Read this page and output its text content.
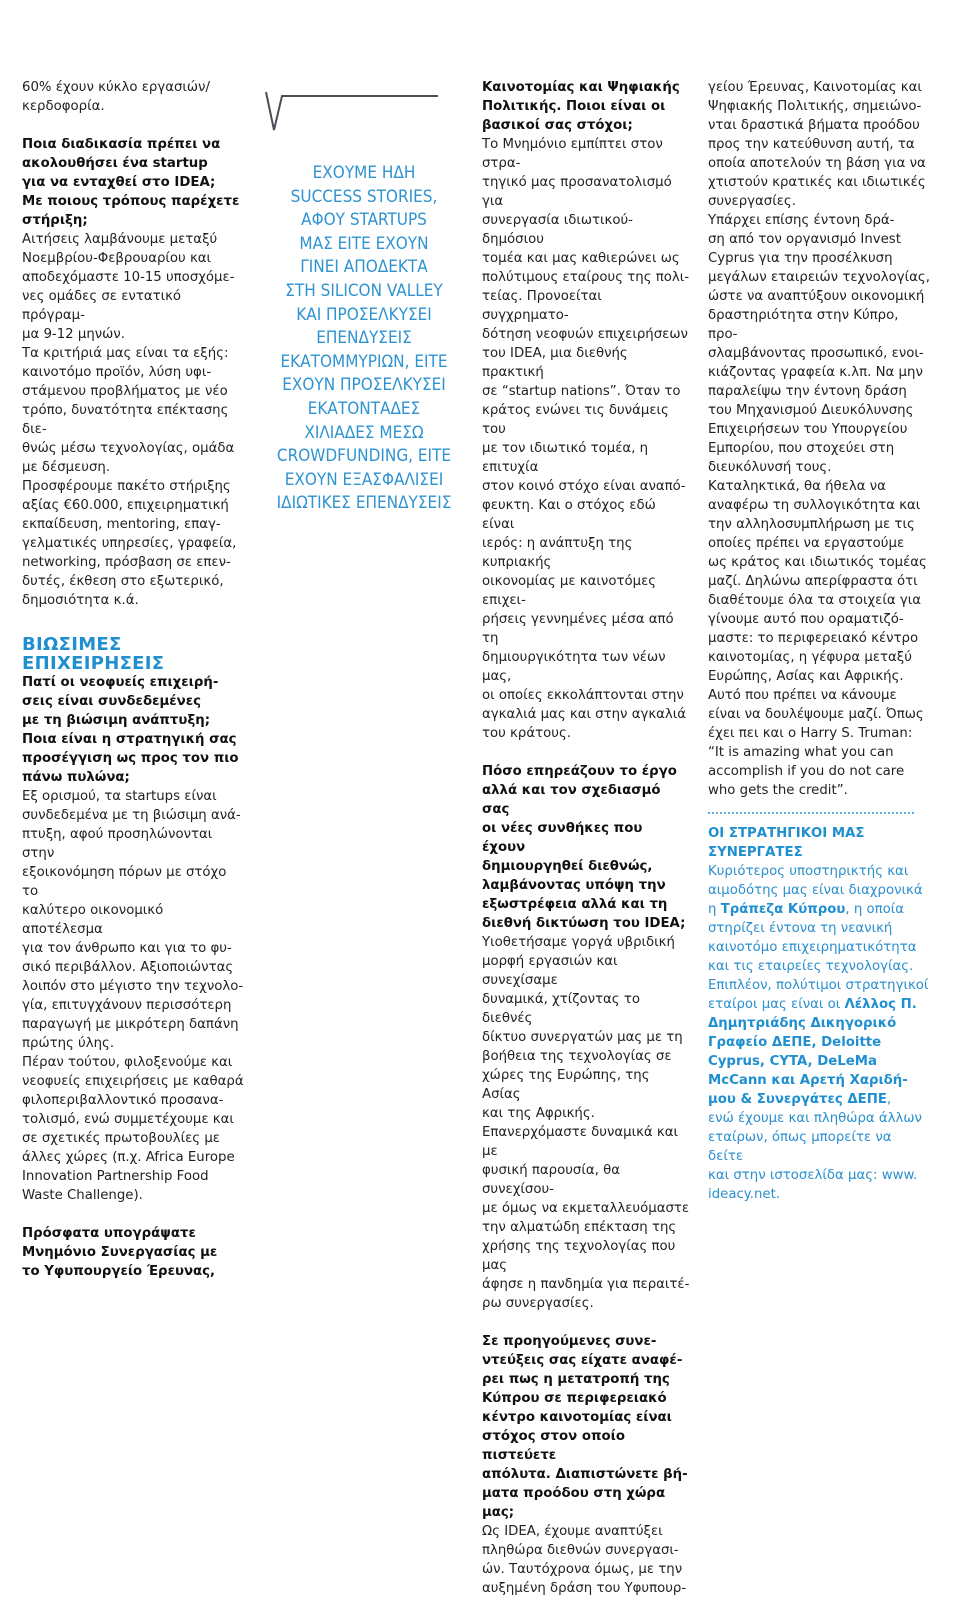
60% έχουν κύκλο εργασιών/

κερδοφορία.

Ποια διαδικασία πρέπει να

ακολουθήσει ένα startup

για να ενταχθεί στο IDEA;

Με ποιους τρόπους παρέχετε

στήριξη;

Αιτήσεις λαμβάνουμε μεταξύ

Νοεμβρίου-Φεβρουαρίου και

αποδεχόμαστε 10-15 υποσχόμε-

νες ομάδες σε εντατικό πρόγραμ-

μα 9-12 μηνών.

Τα κριτήριά μας είναι τα εξής:

καινοτόμο προϊόν, λύση υφι-

στάμενου προβλήματος με νέο

τρόπο, δυνατότητα επέκτασης διε-

θνώς μέσω τεχνολογίας, ομάδα

με δέσμευση.

Προσφέρουμε πακέτο στήριξης

αξίας €60.000, επιχειρηματική

εκπαίδευση, mentoring, επαγ-

γελματικές υπηρεσίες, γραφεία,

networking, πρόσβαση σε επεν-

δυτές, έκθεση στο εξωτερικό,

δημοσιότητα κ.ά.

ΒΙΩΣΙΜΕΣ

ΕΠΙΧΕΙΡΗΣΕΙΣ

Πατί οι νεοφυείς επιχειρή-

σεις είναι συνδεδεμένες

με τη βιώσιμη ανάπτυξη;

Ποια είναι η στρατηγική σας

προσέγγιση ως προς τον πιο

πάνω πυλώνα;

Εξ ορισμού, τα startups είναι

συνδεδεμένα με τη βιώσιμη ανά-

πτυξη, αφού προσηλώνονται στην

εξοικονόμηση πόρων με στόχο το

καλύτερο οικονομικό αποτέλεσμα

για τον άνθρωπο και για το φυ-

σικό περιβάλλον. Αξιοποιώντας

λοιπόν στο μέγιστο την τεχνολο-

γία, επιτυγχάνουν περισσότερη

παραγωγή με μικρότερη δαπάνη

πρώτης ύλης.

Πέραν τούτου, φιλοξενούμε και

νεοφυείς επιχειρήσεις με καθαρά

φιλοπεριβαλλοντικό προσανα-

τολισμό, ενώ συμμετέχουμε και

σε σχετικές πρωτοβουλίες με

άλλες χώρες (π.χ. Africa Europe

Innovation Partnership Food

Waste Challenge).

Πρόσφατα υπογράψατε

Μνημόνιο Συνεργασίας με

το Υφυπουργείο Έρευνας,

ΕΧΟΥΜΕ ΗΔΗ
SUCCESS STORIES,
ΑΦΟΥ STARTUPS
ΜΑΣ ΕΙΤΕ ΕΧΟΥΝ
ΓΙΝΕΙ ΑΠΟΔΕΚΤΑ
ΣΤΗ SILICON VALLEY
ΚΑΙ ΠΡΟΣΕΛΚΥΣΕΙ
ΕΠΕΝΔΥΣΕΙΣ
ΕΚΑΤΟΜΜΥΡΙΩΝ, ΕΙΤΕ
ΕΧΟΥΝ ΠΡΟΣΕΛΚΥΣΕΙ
ΕΚΑΤΟΝΤΑΔΕΣ
ΧΙΛΙΑΔΕΣ ΜΕΣΩ
CROWDFUNDING, ΕΙΤΕ
ΕΧΟΥΝ ΕΞΑΣΦΑΛΙΣΕΙ
ΙΔΙΩΤΙΚΕΣ ΕΠΕΝΔΥΣΕΙΣ

Καινοτομίας και Ψηφιακής

Πολιτικής. Ποιοι είναι οι

βασικοί σας στόχοι;

Το Μνημόνιο εμπίπτει στον στρα-

τηγικό μας προσανατολισμό για

συνεργασία ιδιωτικού-δημόσιου

τομέα και μας καθιερώνει ως

πολύτιμους εταίρους της πολι-

τείας. Προνοείται συγχρηματο-

δότηση νεοφυών επιχειρήσεων

του IDEA, μια διεθνής πρακτική

σε “startup nations”. Όταν το

κράτος ενώνει τις δυνάμεις του

με τον ιδιωτικό τομέα, η επιτυχία

στον κοινό στόχο είναι αναπό-

φευκτη. Και ο στόχος εδώ είναι

ιερός: η ανάπτυξη της κυπριακής

οικονομίας με καινοτόμες επιχει-

ρήσεις γεννημένες μέσα από τη

δημιουργικότητα των νέων μας,

οι οποίες εκκολάπτονται στην

αγκαλιά μας και στην αγκαλιά

του κράτους.

Πόσο επηρεάζουν το έργο

αλλά και τον σχεδιασμό σας

οι νέες συνθήκες που έχουν

δημιουργηθεί διεθνώς,

λαμβάνοντας υπόψη την

εξωστρέφεια αλλά και τη

διεθνή δικτύωση του IDEA;

Υιοθετήσαμε γοργά υβριδική

μορφή εργασιών και συνεχίσαμε

δυναμικά, χτίζοντας το διεθνές

δίκτυο συνεργατών μας με τη

βοήθεια της τεχνολογίας σε

χώρες της Ευρώπης, της Ασίας

και της Αφρικής.

Επανερχόμαστε δυναμικά και με

φυσική παρουσία, θα συνεχίσου-

με όμως να εκμεταλλευόμαστε

την αλματώδη επέκταση της

χρήσης της τεχνολογίας που μας

άφησε η πανδημία για περαιτέ-

ρω συνεργασίες.

Σε προηγούμενες συνε-

ντεύξεις σας είχατε αναφέ-

ρει πως η μετατροπή της

Κύπρου σε περιφερειακό

κέντρο καινοτομίας είναι

στόχος στον οποίο πιστεύετε

απόλυτα. Διαπιστώνετε βή-

ματα προόδου στη χώρα μας;

Ως IDEA, έχουμε αναπτύξει

πληθώρα διεθνών συνεργασι-

ών. Ταυτόχρονα όμως, με την

αυξημένη δράση του Υφυπουρ-

γείου Έρευνας, Καινοτομίας και

Ψηφιακής Πολιτικής, σημειώνο-

νται δραστικά βήματα προόδου

προς την κατεύθυνση αυτή, τα

οποία αποτελούν τη βάση για να

χτιστούν κρατικές και ιδιωτικές

συνεργασίες.

Υπάρχει επίσης έντονη δρά-

ση από τον οργανισμό Invest

Cyprus για την προσέλκυση

μεγάλων εταιρειών τεχνολογίας,

ώστε να αναπτύξουν οικονομική

δραστηριότητα στην Κύπρο, προ-

σλαμβάνοντας προσωπικό, ενοι-

κιάζοντας γραφεία κ.λπ. Να μην

παραλείψω την έντονη δράση

του Μηχανισμού Διευκόλυνσης

Επιχειρήσεων του Υπουργείου

Εμπορίου, που στοχεύει στη

διευκόλυνσή τους.

Καταληκτικά, θα ήθελα να

αναφέρω τη συλλογικότητα και

την αλληλοσυμπλήρωση με τις

οποίες πρέπει να εργαστούμε

ως κράτος και ιδιωτικός τομέας

μαζί. Δηλώνω απερίφραστα ότι

διαθέτουμε όλα τα στοιχεία για

γίνουμε αυτό που οραματιζό-

μαστε: το περιφερειακό κέντρο

καινοτομίας, η γέφυρα μεταξύ

Ευρώπης, Ασίας και Αφρικής.

Αυτό που πρέπει να κάνουμε

είναι να δουλέψουμε μαζί. Όπως

έχει πει και ο Harry S. Truman:

“It is amazing what you can

accomplish if you do not care

who gets the credit”.

ΟΙ ΣΤΡΑΤΗΓΙΚΟΙ ΜΑΣ

ΣΥΝΕΡΓΑΤΕΣ

Κυριότερος υποστηρικτής και

αιμοδότης μας είναι διαχρονικά

η Τράπεζα Κύπρου, η οποία

στηρίζει έντονα τη νεανική

καινοτόμο επιχειρηματικότητα

και τις εταιρείες τεχνολογίας.

Επιπλέον, πολύτιμοι στρατηγικοί

εταίροι μας είναι οι Λέλλος Π.

Δημητριάδης Δικηγορικό

Γραφείο ΔΕΠΕ, Deloitte

Cyprus, CYTA, DeLeMa

McCann και Αρετή Χαριδή-

μου & Συνεργάτες ΔΕΠΕ,

ενώ έχουμε και πληθώρα άλλων

εταίρων, όπως μπορείτε να δείτε

και στην ιστοσελίδα μας: www.

ideacy.net.
